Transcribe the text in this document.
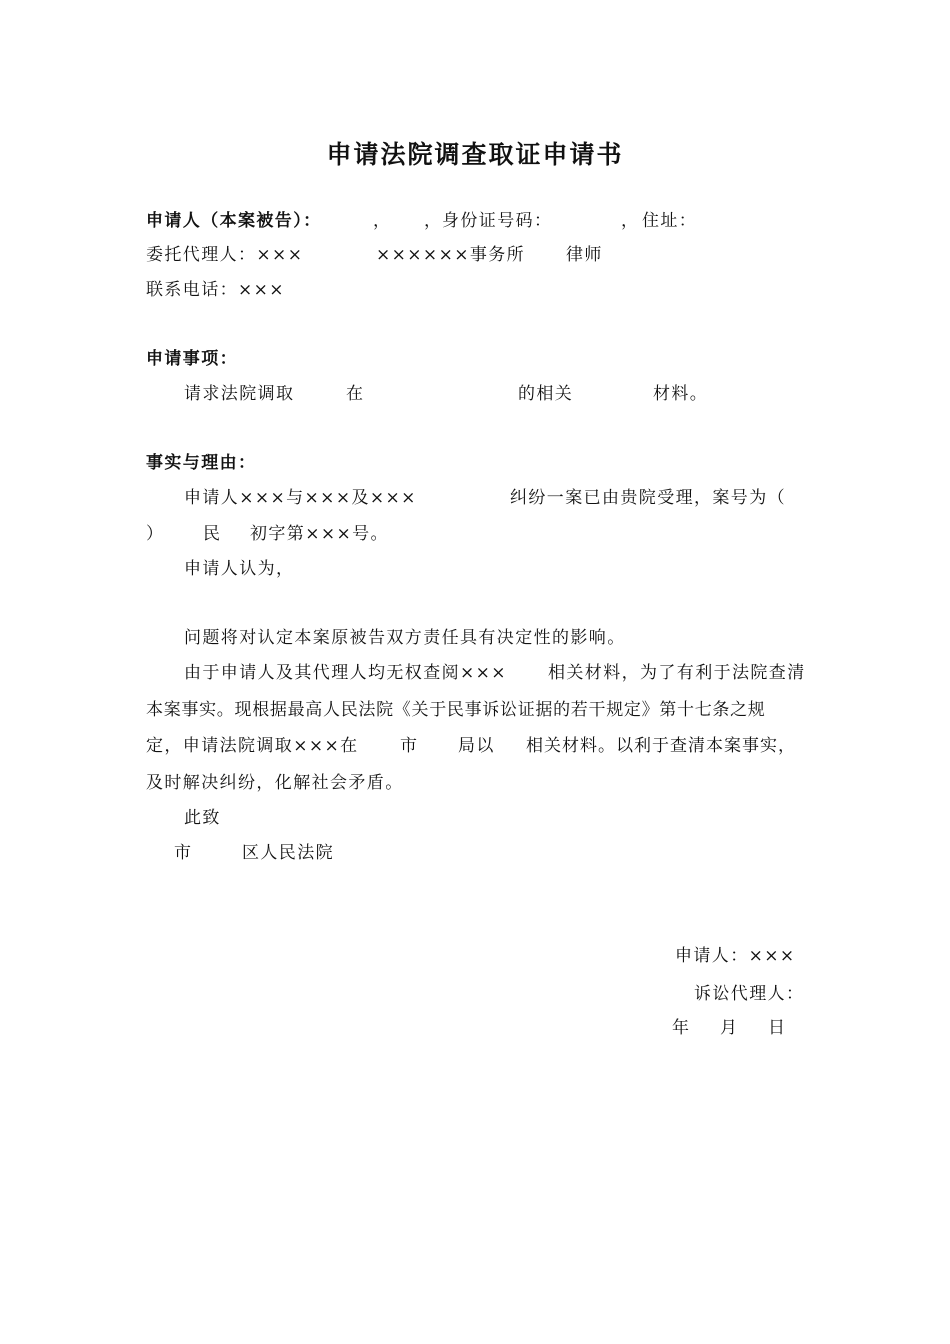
申请法院调查取证申请书
申请人（本案被告）：	， ， 身份证号码：	， 住址：
委托代理人：×××	××××××事务所 律师
联系电话：×××
申请事项：
请求法院调取	在	的相关	材料。
事实与理由：
申请人×××与×××及×××	纠纷一案已由贵院受理，案号为（
） 民 初字第×××号。
申请人认为，
问题将对认定本案原被告双方责任具有决定性的影响。
由于申请人及其代理人均无权查阅××× 相关材料，为了有利于法院查清
本案事实。现根据最高人民法院《关于民事诉讼证据的若干规定》第十七条之规
定，申请法院调取×××在 市 局以 相关材料。以利于查清本案事实，
及时解决纠纷，化解社会矛盾。
此致
市	区人民法院
申请人：×××
诉讼代理人：
年 月 日
